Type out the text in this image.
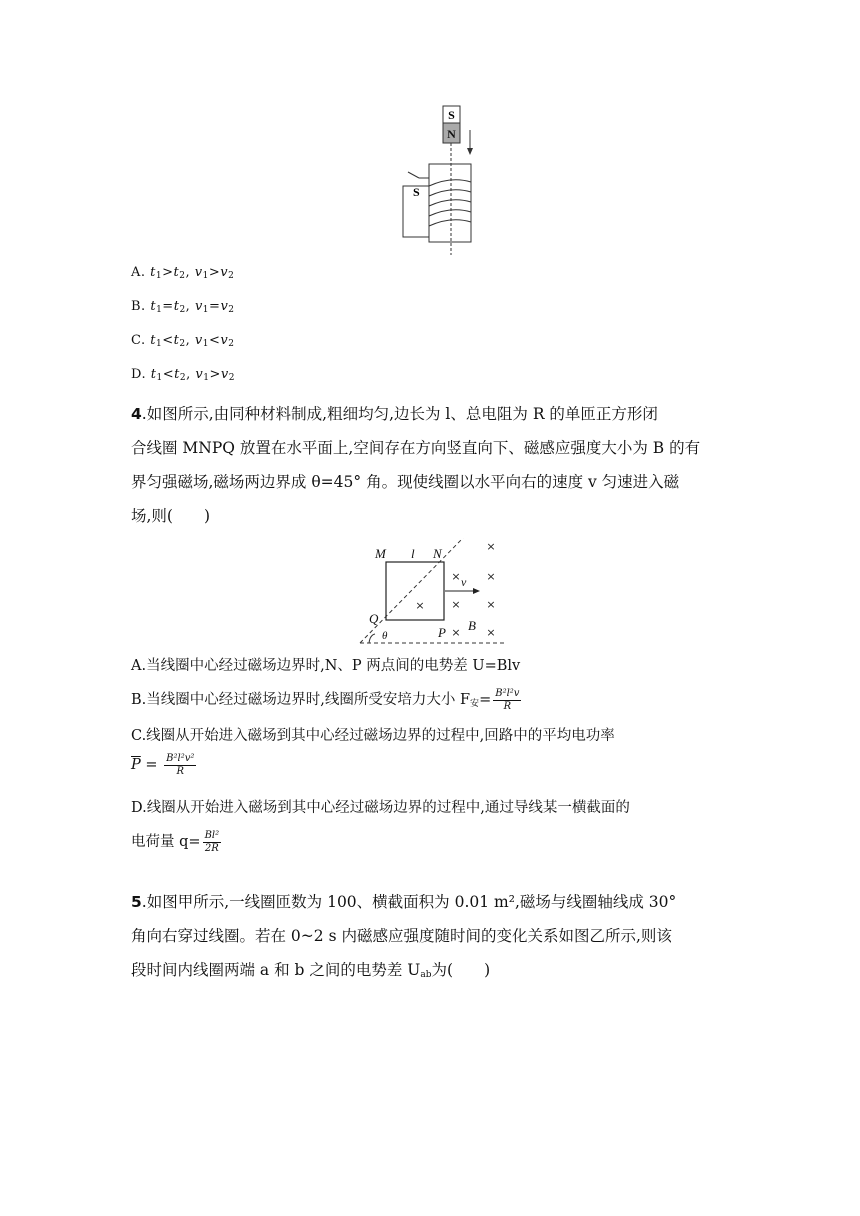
S
N
S
A. $t_1>t_2$, $v_1>v_2$
B. $t_1=t_2$, $v_1=v_2$
C. $t_1<t_2$, $v_1<v_2$
D. $t_1<t_2$, $v_1>v_2$
4.如图所示,由同种材料制成,粗细均匀,边长为 l、总电阻为 R 的单匝正方形闭
合线圈 MNPQ 放置在水平面上,空间存在方向竖直向下、磁感应强度大小为 B 的有
界匀强磁场,磁场两边界成 θ=45° 角。现使线圈以水平向右的速度 v 匀速进入磁
场,则(　　)
M l N
Q
P B
v
θ
×
× ×
× × ×
× ×
A.当线圈中心经过磁场边界时,N、P 两点间的电势差 U=Blv
B.当线圈中心经过磁场边界时,线圈所受安培力大小 $F_安= \frac{\text{B²l²v}}{R}$
C.线圈从开始进入磁场到其中心经过磁场边界的过程中,回路中的平均电功率
$\overline{P} = \frac{\text{B²l²v²}}{R}$
D.线圈从开始进入磁场到其中心经过磁场边界的过程中,通过导线某一横截面的
电荷量 $q= \frac{\text{Bl²}}{2R}$
5.如图甲所示,一线圈匝数为 100、横截面积为 0.01 m²,磁场与线圈轴线成 30°
角向右穿过线圈。若在 0~2 s 内磁感应强度随时间的变化关系如图乙所示,则该
段时间内线圈两端 a 和 b 之间的电势差 $U_{ab}$为(　　)
